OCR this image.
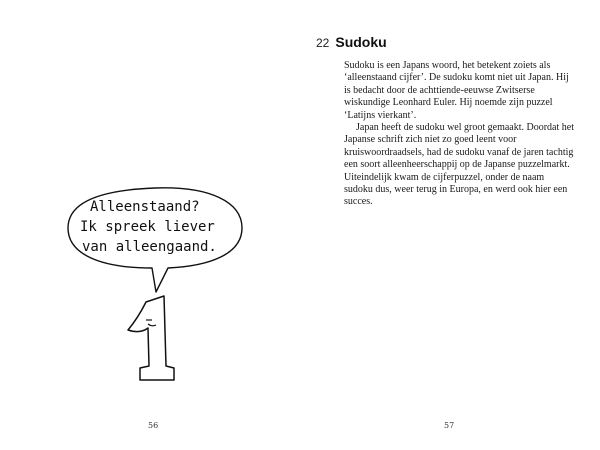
Alleenstaand?
Ik spreek liever
van alleengaand.
56
22 Sudoku

Sudoku is een Japans woord, het betekent zoiets als ‘alleenstaand cijfer’. De sudoku komt niet uit Japan. Hij is bedacht door de achttiende-eeuwse Zwitserse wiskundige Leonhard Euler. Hij noemde zijn puzzel ‘Latijns vierkant’.

Japan heeft de sudoku wel groot gemaakt. Doordat het Japanse schrift zich niet zo goed leent voor kruiswoordraadsels, had de sudoku vanaf de jaren tachtig een soort alleenheerschappij op de Japanse puzzelmarkt. Uiteindelijk kwam de cijferpuzzel, onder de naam sudoku dus, weer terug in Europa, en werd ook hier een succes.

57
